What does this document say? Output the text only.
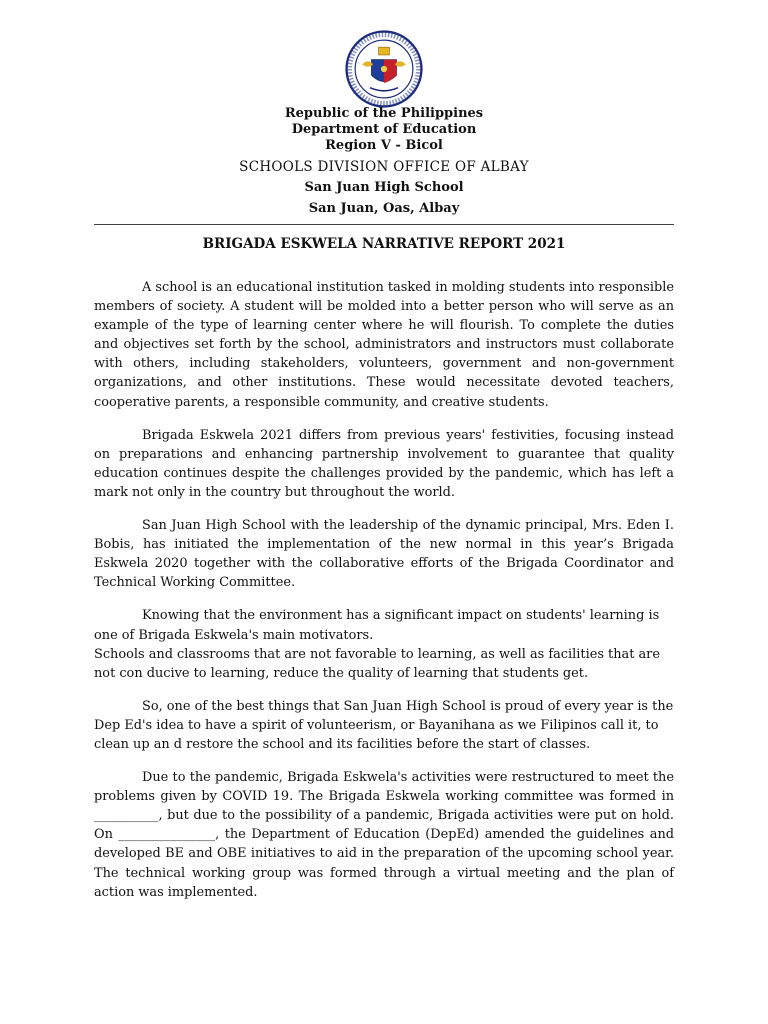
Republic of the Philippines
Department of Education
Region V - Bicol
SCHOOLS DIVISION OFFICE OF ALBAY
San Juan High School
San Juan, Oas, Albay
BRIGADA ESKWELA NARRATIVE REPORT 2021

A school is an educational institution tasked in molding students into responsible members of society. A student will be molded into a better person who will serve as an example of the type of learning center where he will flourish. To complete the duties and objectives set forth by the school, administrators and instructors must collaborate with others, including stakeholders, volunteers, government and non-government organizations, and other institutions. These would necessitate devoted teachers, cooperative parents, a responsible community, and creative students.

Brigada Eskwela 2021 differs from previous years' festivities, focusing instead on preparations and enhancing partnership involvement to guarantee that quality education continues despite the challenges provided by the pandemic, which has left a mark not only in the country but throughout the world.

San Juan High School with the leadership of the dynamic principal, Mrs. Eden I. Bobis, has initiated the implementation of the new normal in this year’s Brigada Eskwela 2020 together with the collaborative efforts of the Brigada Coordinator and Technical Working Committee.

Knowing that the environment has a significant impact on students' learning is one of Brigada Eskwela's main motivators.

Schools and classrooms that are not favorable to learning, as well as facilities that are not con ducive to learning, reduce the quality of learning that students get.

So, one of the best things that San Juan High School is proud of every year is the Dep Ed's idea to have a spirit of volunteerism, or Bayanihana as we Filipinos call it, to clean up an d restore the school and its facilities before the start of classes.

Due to the pandemic, Brigada Eskwela's activities were restructured to meet the problems given by COVID 19. The Brigada Eskwela working committee was formed in __________, but due to the possibility of a pandemic, Brigada activities were put on hold. On _______________, the Department of Education (DepEd) amended the guidelines and developed BE and OBE initiatives to aid in the preparation of the upcoming school year. The technical working group was formed through a virtual meeting and the plan of action was implemented.
